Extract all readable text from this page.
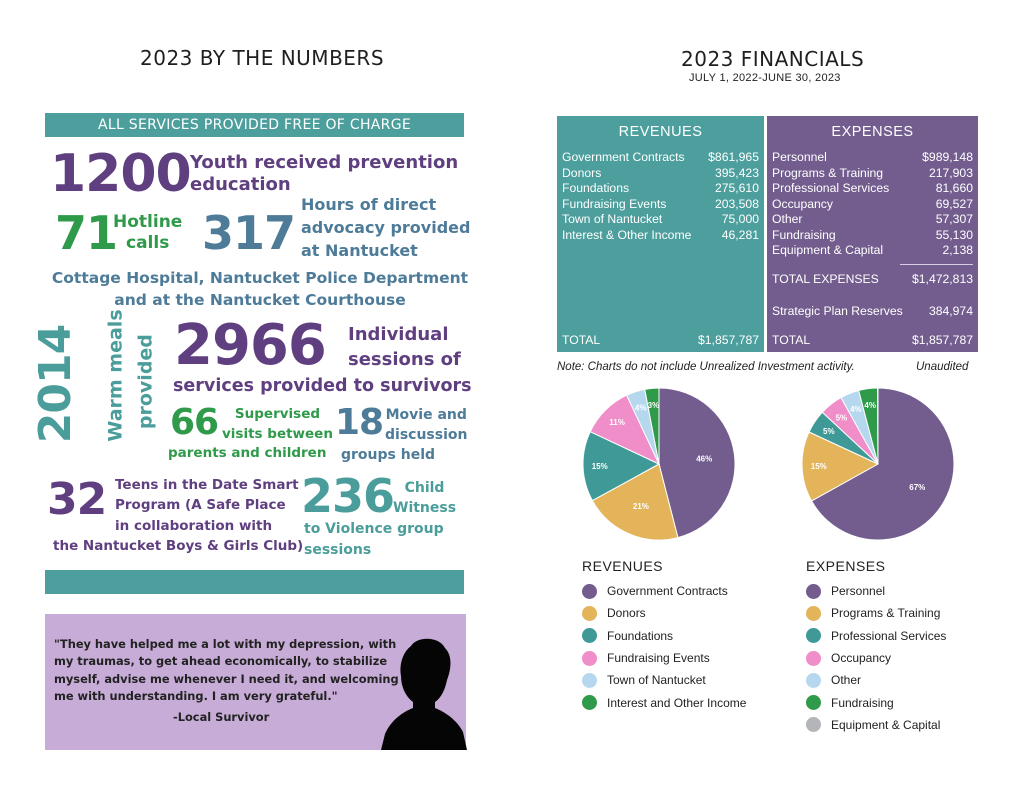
2023 BY THE NUMBERS
ALL SERVICES PROVIDED FREE OF CHARGE
1200 Youth received prevention
education
71
Hotline
calls 317
Hours of direct
advocacy provided
at Nantucket
Cottage Hospital, Nantucket Police Department
and at the Nantucket Courthouse
2014 Warm meals provided 2966 Individual
sessions of
services provided to survivors
66	Supervised
visits between
parents and children
18 Movie and
discussion
groups held
32 Teens in the Date Smart
Program (A Safe Place
in collaboration with
the Nantucket Boys & Girls Club)
236 Child
Witness
to Violence group
sessions
"They have helped me a lot with my depression, with
my traumas, to get ahead economically, to stabilize
myself, advise me whenever I need it, and welcoming
me with understanding. I am very grateful."
-Local Survivor
2023 FINANCIALS
JULY 1, 2022-JUNE 30, 2023
REVENUES
Government Contracts $861,965
Donors	395,423
Foundations	275,610
Fundraising Events	203,508
Town of Nantucket	75,000
Interest & Other Income 46,281
TOTAL	$1,857,787
EXPENSES
Personnel	$989,148
Programs & Training	217,903
Professional Services	81,660
Occupancy	69,527
Other	57,307
Fundraising	55,130
Equipment & Capital	2,138
TOTAL EXPENSES	$1,472,813
Strategic Plan Reserves 384,974
TOTAL	$1,857,787
Note: Charts do not include Unrealized Investment activity.	Unaudited
46%
21%
15%
11%
4% 3%
67%
15%
5%
5%
4% 4%
REVENUES
Government Contracts
Donors
Foundations
Fundraising Events
Town of Nantucket
Interest and Other Income
EXPENSES
Personnel
Programs & Training
Professional Services
Occupancy
Other
Fundraising
Equipment & Capital
